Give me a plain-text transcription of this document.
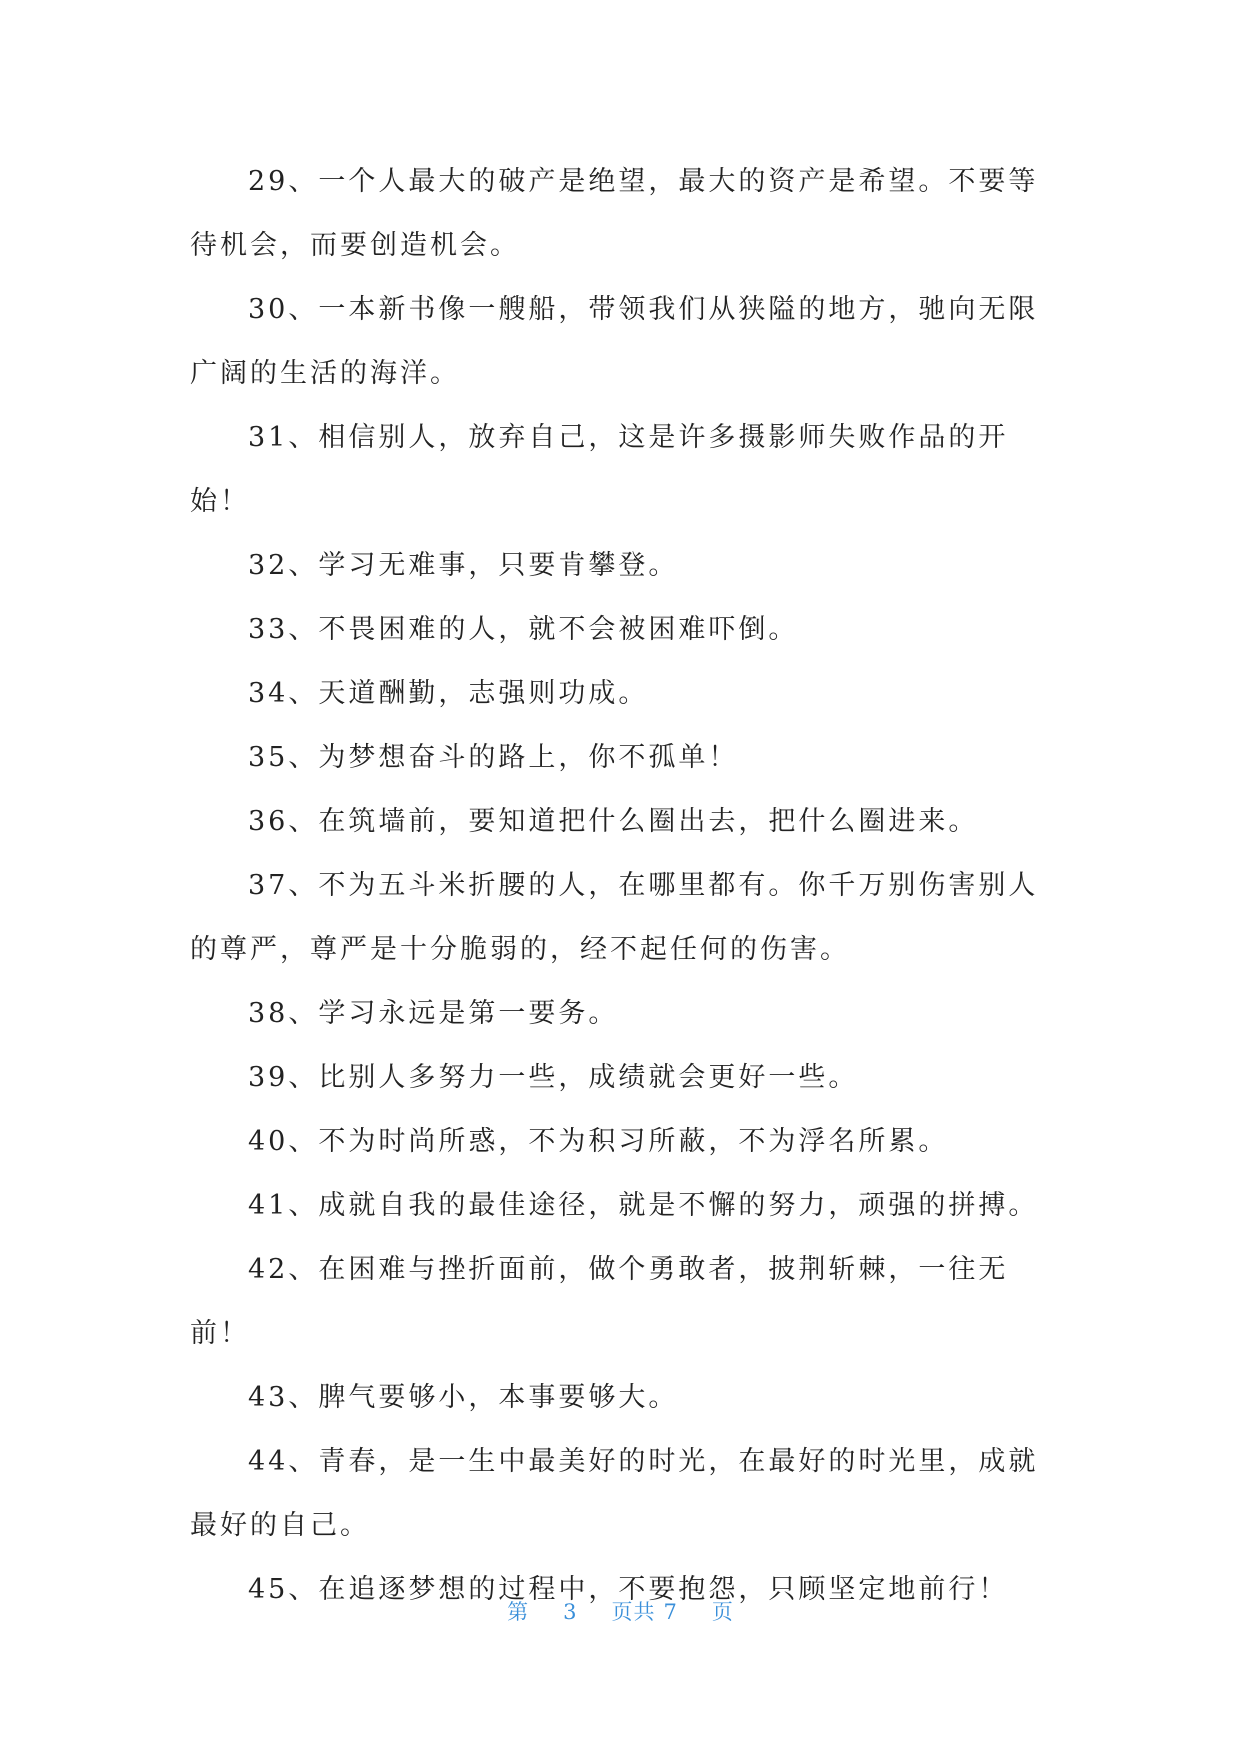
29、一个人最大的破产是绝望，最大的资产是希望。不要等待机会，而要创造机会。

30、一本新书像一艘船，带领我们从狭隘的地方，驰向无限广阔的生活的海洋。

31、相信别人，放弃自己，这是许多摄影师失败作品的开始！

32、学习无难事，只要肯攀登。

33、不畏困难的人，就不会被困难吓倒。

34、天道酬勤，志强则功成。

35、为梦想奋斗的路上，你不孤单！

36、在筑墙前，要知道把什么圈出去，把什么圈进来。

37、不为五斗米折腰的人，在哪里都有。你千万别伤害别人的尊严，尊严是十分脆弱的，经不起任何的伤害。

38、学习永远是第一要务。

39、比别人多努力一些，成绩就会更好一些。

40、不为时尚所惑，不为积习所蔽，不为浮名所累。

41、成就自我的最佳途径，就是不懈的努力，顽强的拼搏。

42、在困难与挫折面前，做个勇敢者，披荆斩棘，一往无前！

43、脾气要够小，本事要够大。

44、青春，是一生中最美好的时光，在最好的时光里，成就最好的自己。

45、在追逐梦想的过程中，不要抱怨，只顾坚定地前行！

第 3 页共 7 页
